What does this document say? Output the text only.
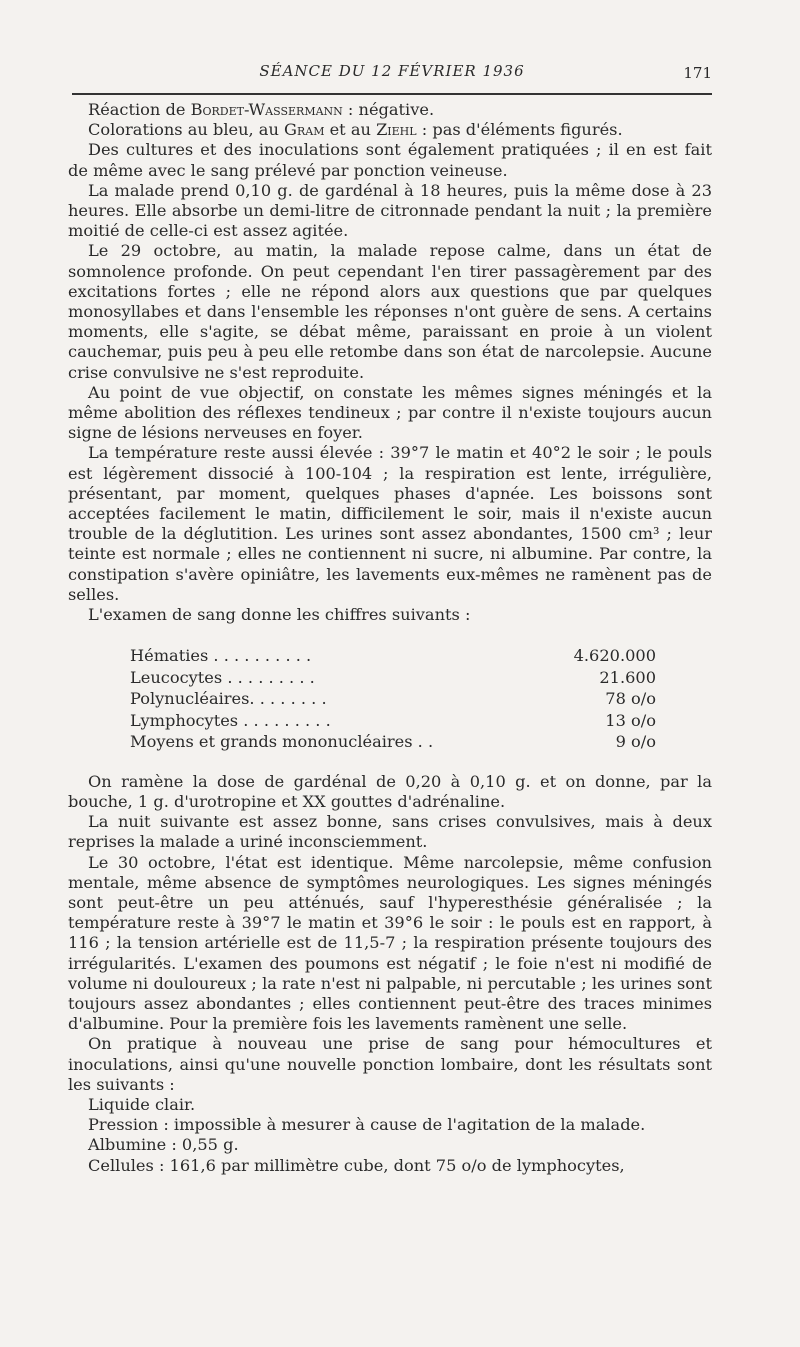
SÉANCE DU 12 FÉVRIER 1936	171

Réaction de Bordet-Wassermann : négative.

Colorations au bleu, au Gram et au Ziehl : pas d'éléments figurés.

Des cultures et des inoculations sont également pratiquées ; il en est fait de même avec le sang prélevé par ponction veineuse.

La malade prend 0,10 g. de gardénal à 18 heures, puis la même dose à 23 heures. Elle absorbe un demi-litre de citronnade pendant la nuit ; la première moitié de celle-ci est assez agitée.

Le 29 octobre, au matin, la malade repose calme, dans un état de somnolence profonde. On peut cependant l'en tirer passagèrement par des excitations fortes ; elle ne répond alors aux questions que par quelques monosyllabes et dans l'ensemble les réponses n'ont guère de sens. A certains moments, elle s'agite, se débat même, paraissant en proie à un violent cauchemar, puis peu à peu elle retombe dans son état de narcolepsie. Aucune crise convulsive ne s'est reproduite.

Au point de vue objectif, on constate les mêmes signes méningés et la même abolition des réflexes tendineux ; par contre il n'existe toujours aucun signe de lésions nerveuses en foyer.

La température reste aussi élevée : 39°7 le matin et 40°2 le soir ; le pouls est légèrement dissocié à 100-104 ; la respiration est lente, irrégulière, présentant, par moment, quelques phases d'apnée. Les boissons sont acceptées facilement le matin, difficilement le soir, mais il n'existe aucun trouble de la déglutition. Les urines sont assez abondantes, 1500 cm³ ; leur teinte est normale ; elles ne contiennent ni sucre, ni albumine. Par contre, la constipation s'avère opiniâtre, les lavements eux-mêmes ne ramènent pas de selles.

L'examen de sang donne les chiffres suivants :

Hématies . . . . . . . . . .	4.620.000
Leucocytes . . . . . . . . .	21.600
Polynucléaires. . . . . . . .	78 o/o
Lymphocytes . . . . . . . . .	13 o/o
Moyens et grands mononucléaires . .	9 o/o

On ramène la dose de gardénal de 0,20 à 0,10 g. et on donne, par la bouche, 1 g. d'urotropine et XX gouttes d'adrénaline.

La nuit suivante est assez bonne, sans crises convulsives, mais à deux reprises la malade a uriné inconsciemment.

Le 30 octobre, l'état est identique. Même narcolepsie, même confusion mentale, même absence de symptômes neurologiques. Les signes méningés sont peut-être un peu atténués, sauf l'hyperesthésie généralisée ; la température reste à 39°7 le matin et 39°6 le soir : le pouls est en rapport, à 116 ; la tension artérielle est de 11,5-7 ; la respiration présente toujours des irrégularités. L'examen des poumons est négatif ; le foie n'est ni modifié de volume ni douloureux ; la rate n'est ni palpable, ni percutable ; les urines sont toujours assez abondantes ; elles contiennent peut-être des traces minimes d'albumine. Pour la première fois les lavements ramènent une selle.

On pratique à nouveau une prise de sang pour hémocultures et inoculations, ainsi qu'une nouvelle ponction lombaire, dont les résultats sont les suivants :

Liquide clair.

Pression : impossible à mesurer à cause de l'agitation de la malade.

Albumine : 0,55 g.

Cellules : 161,6 par millimètre cube, dont 75 o/o de lymphocytes,
